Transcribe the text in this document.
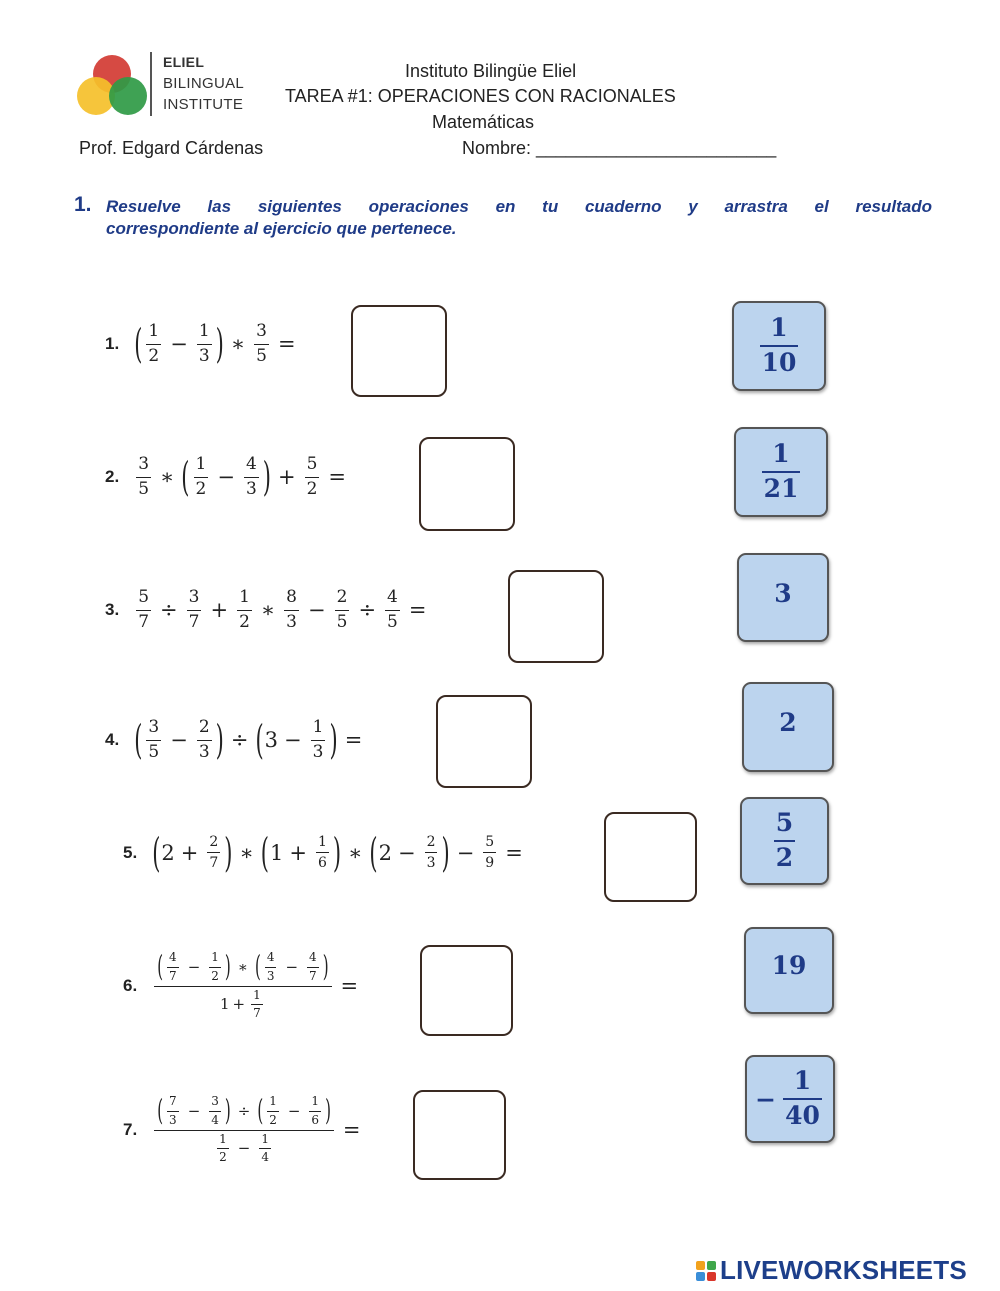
ELIEL
BILINGUAL
INSTITUTE
Instituto Bilingüe Eliel
TAREA #1: OPERACIONES CON RACIONALES
Matemáticas
Prof. Edgard Cárdenas	Nombre: ________________________
1. Resuelve las siguientes operaciones en tu cuaderno y arrastra el resultado
correspondiente al ejercicio que pertenece.
1. ( $\frac{1}{2} - \frac{1}{3}$ ) ∗ $\frac{3}{5}$ =
2. $\frac{3}{5}$ ∗ ( $\frac{1}{2} - \frac{4}{3}$ ) + $\frac{5}{2}$ =
3. $\frac{5}{7} \div \frac{3}{7} + \frac{1}{2}$ ∗ $\frac{8}{3} - \frac{2}{5} \div \frac{4}{5}$ =
4. ( $\frac{3}{5} - \frac{2}{3}$ ) ÷ ( $3 - \frac{1}{3}$ ) =
5. ( $2 + \frac{2}{7}$ ) ∗ ( $1 + \frac{1}{6}$ ) ∗ ( $2 - \frac{2}{3}$ ) − $\frac{5}{9}$ =
6.
( $\frac{4}{7} - \frac{1}{2}$ ) ∗ ( $\frac{4}{3} - \frac{4}{7}$ )
$1 + \frac{1}{7}$
=
7.
( $\frac{7}{3} - \frac{3}{4}$ ) ÷ ( $\frac{1}{2} - \frac{1}{6}$ )
$\frac{1}{2} - \frac{1}{4}$
=
$\frac{1}{10}$
$\frac{1}{21}$
3
2
$\frac{5}{2}$
19
− $\frac{1}{40}$
LIVEWORKSHEETS
